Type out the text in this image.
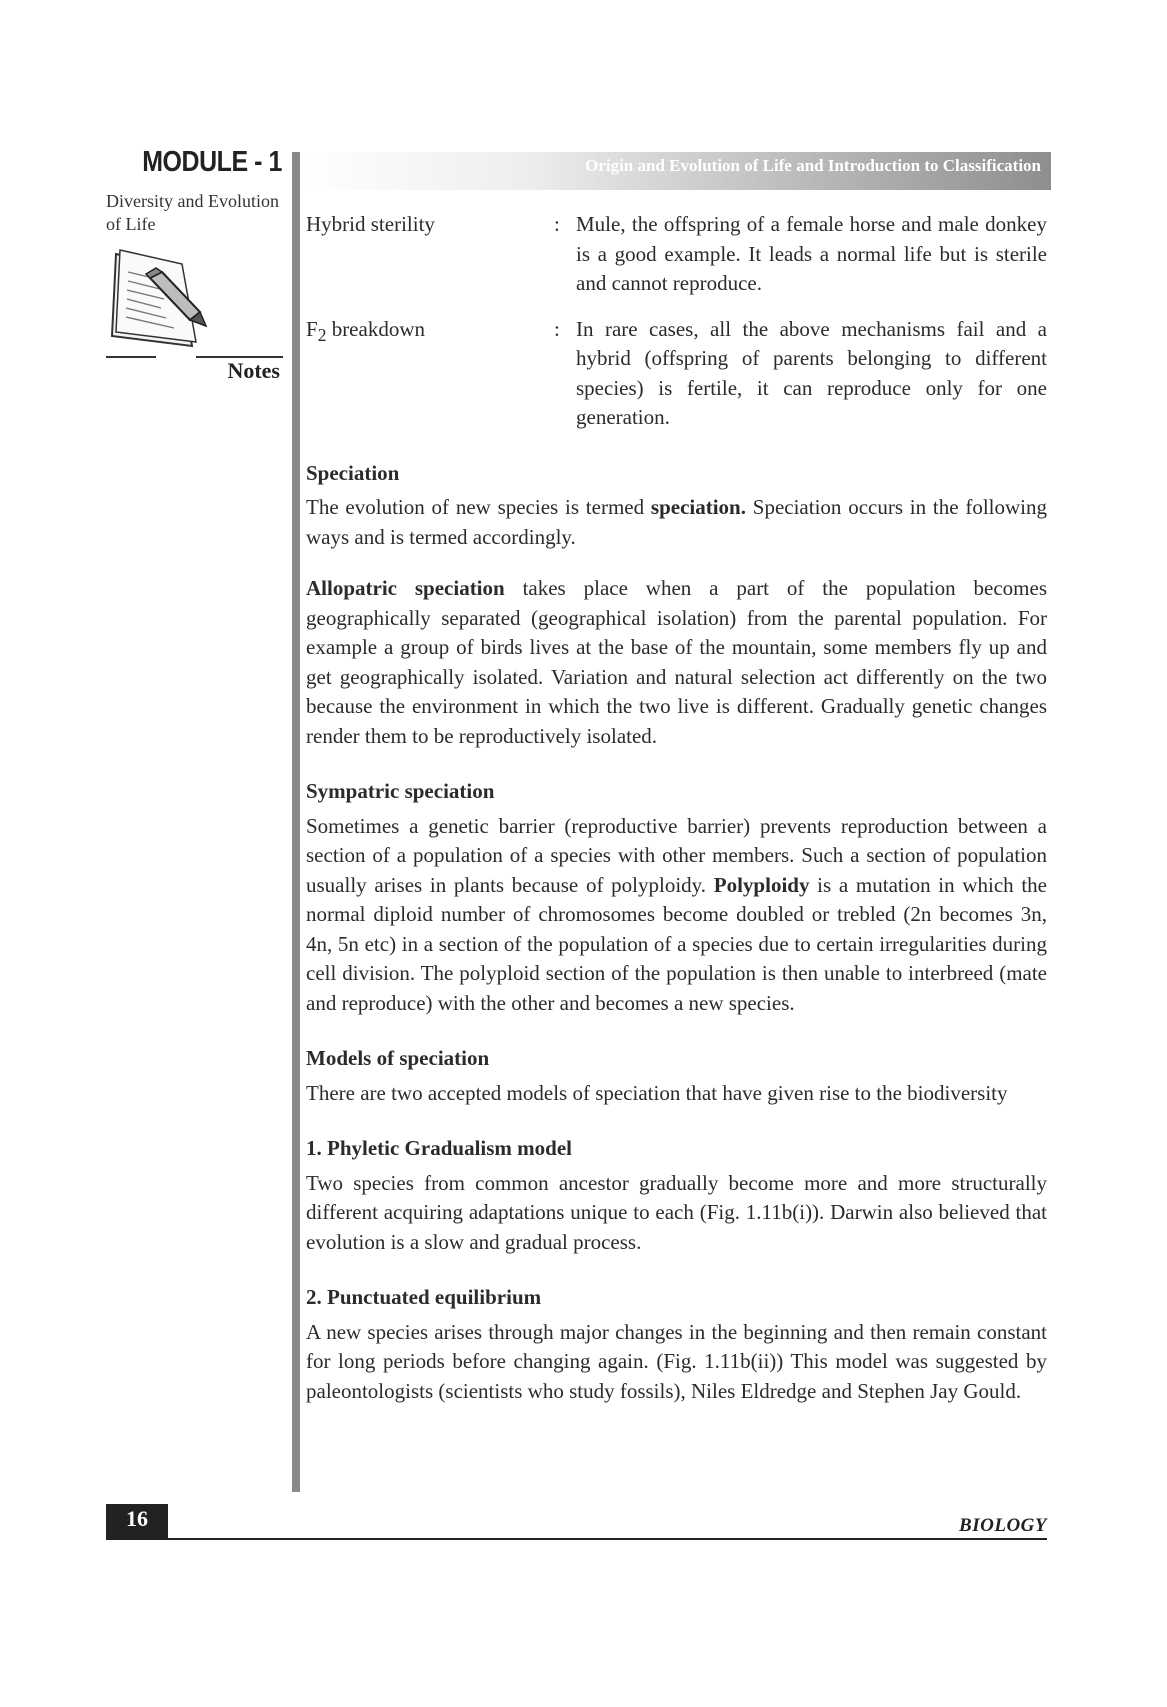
MODULE - 1
Diversity and Evolution of Life
Notes
Origin and Evolution of Life and Introduction to Classification
Hybrid sterility	: Mule, the offspring of a female horse and male donkey is a good example. It leads a normal life but is sterile and cannot reproduce.
$F_2$ breakdown	: In rare cases, all the above mechanisms fail and a hybrid (offspring of parents belonging to different species) is fertile, it can reproduce only for one generation.
Speciation

The evolution of new species is termed speciation. Speciation occurs in the following ways and is termed accordingly.

Allopatric speciation takes place when a part of the population becomes geographically separated (geographical isolation) from the parental population. For example a group of birds lives at the base of the mountain, some members fly up and get geographically isolated. Variation and natural selection act differently on the two because the environment in which the two live is different. Gradually genetic changes render them to be reproductively isolated.

Sympatric speciation

Sometimes a genetic barrier (reproductive barrier) prevents reproduction between a section of a population of a species with other members. Such a section of population usually arises in plants because of polyploidy. Polyploidy is a mutation in which the normal diploid number of chromosomes become doubled or trebled (2n becomes 3n, 4n, 5n etc) in a section of the population of a species due to certain irregularities during cell division. The polyploid section of the population is then unable to interbreed (mate and reproduce) with the other and becomes a new species.

Models of speciation

There are two accepted models of speciation that have given rise to the biodiversity

1. Phyletic Gradualism model

Two species from common ancestor gradually become more and more structurally different acquiring adaptations unique to each (Fig. 1.11b(i)). Darwin also believed that evolution is a slow and gradual process.

2. Punctuated equilibrium

A new species arises through major changes in the beginning and then remain constant for long periods before changing again. (Fig. 1.11b(ii)) This model was suggested by paleontologists (scientists who study fossils), Niles Eldredge and Stephen Jay Gould.

16	BIOLOGY
